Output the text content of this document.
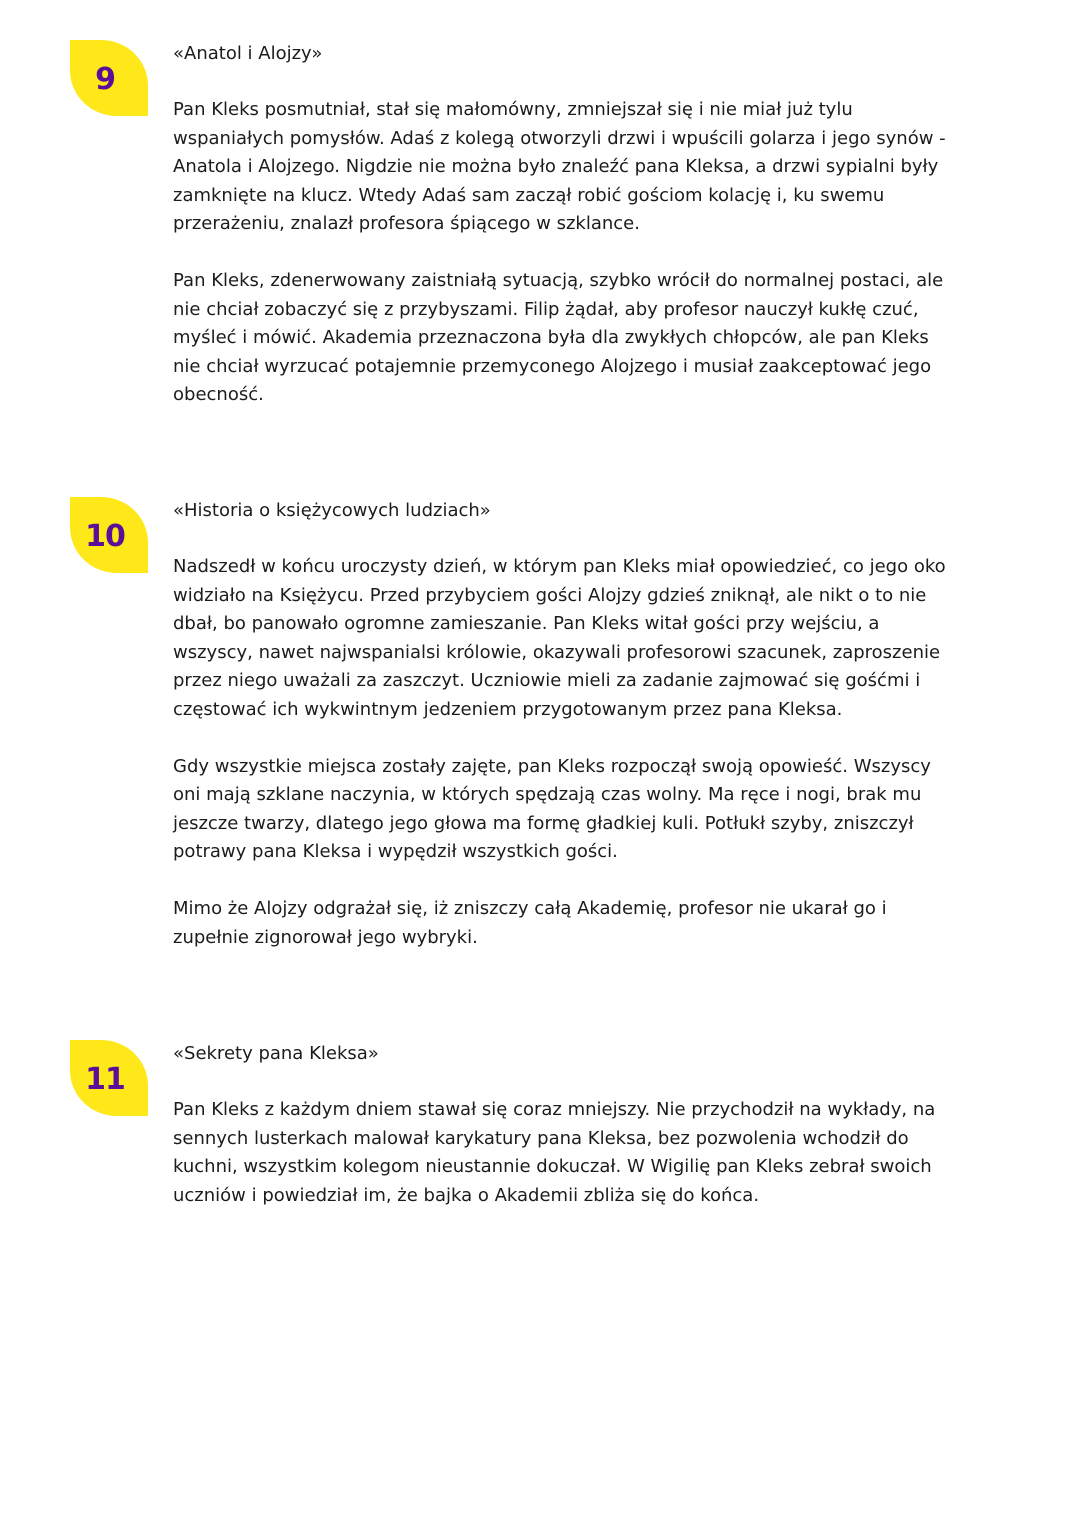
9
«Anatol i Alojzy»

Pan Kleks posmutniał, stał się małomówny, zmniejszał się i nie miał już tylu
wspaniałych pomysłów. Adaś z kolegą otworzyli drzwi i wpuścili golarza i jego synów -
Anatola i Alojzego. Nigdzie nie można było znaleźć pana Kleksa, a drzwi sypialni były
zamknięte na klucz. Wtedy Adaś sam zaczął robić gościom kolację i, ku swemu
przerażeniu, znalazł profesora śpiącego w szklance.

Pan Kleks, zdenerwowany zaistniałą sytuacją, szybko wrócił do normalnej postaci, ale
nie chciał zobaczyć się z przybyszami. Filip żądał, aby profesor nauczył kukłę czuć,
myśleć i mówić. Akademia przeznaczona była dla zwykłych chłopców, ale pan Kleks
nie chciał wyrzucać potajemnie przemyconego Alojzego i musiał zaakceptować jego
obecność.

10
«Historia o księżycowych ludziach»

Nadszedł w końcu uroczysty dzień, w którym pan Kleks miał opowiedzieć, co jego oko
widziało na Księżycu. Przed przybyciem gości Alojzy gdzieś zniknął, ale nikt o to nie
dbał, bo panowało ogromne zamieszanie. Pan Kleks witał gości przy wejściu, a
wszyscy, nawet najwspanialsi królowie, okazywali profesorowi szacunek, zaproszenie
przez niego uważali za zaszczyt. Uczniowie mieli za zadanie zajmować się gośćmi i
częstować ich wykwintnym jedzeniem przygotowanym przez pana Kleksa.

Gdy wszystkie miejsca zostały zajęte, pan Kleks rozpoczął swoją opowieść. Wszyscy
oni mają szklane naczynia, w których spędzają czas wolny. Ma ręce i nogi, brak mu
jeszcze twarzy, dlatego jego głowa ma formę gładkiej kuli. Potłukł szyby, zniszczył
potrawy pana Kleksa i wypędził wszystkich gości.

Mimo że Alojzy odgrażał się, iż zniszczy całą Akademię, profesor nie ukarał go i
zupełnie zignorował jego wybryki.

11
«Sekrety pana Kleksa»

Pan Kleks z każdym dniem stawał się coraz mniejszy. Nie przychodził na wykłady, na
sennych lusterkach malował karykatury pana Kleksa, bez pozwolenia wchodził do
kuchni, wszystkim kolegom nieustannie dokuczał. W Wigilię pan Kleks zebrał swoich
uczniów i powiedział im, że bajka o Akademii zbliża się do końca.
